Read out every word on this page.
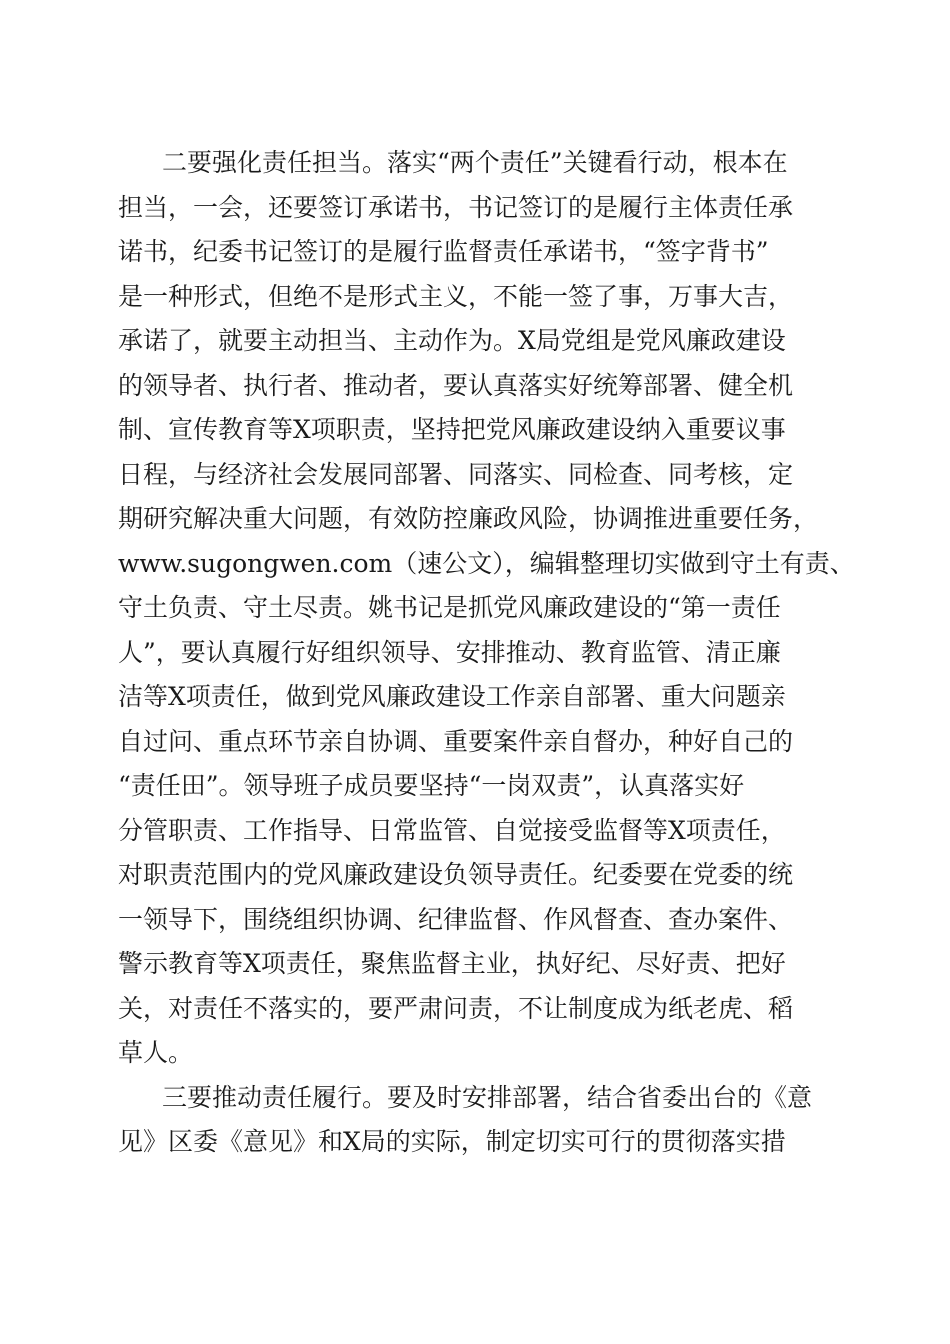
二要强化责任担当。落实“两个责任”关键看行动，根本在
担当，一会，还要签订承诺书，书记签订的是履行主体责任承
诺书，纪委书记签订的是履行监督责任承诺书，“签字背书”
是一种形式，但绝不是形式主义，不能一签了事，万事大吉，
承诺了，就要主动担当、主动作为。X局党组是党风廉政建设
的领导者、执行者、推动者，要认真落实好统筹部署、健全机
制、宣传教育等X项职责，坚持把党风廉政建设纳入重要议事
日程，与经济社会发展同部署、同落实、同检查、同考核，定
期研究解决重大问题，有效防控廉政风险，协调推进重要任务，
www.sugongwen.com（速公文），编辑整理切实做到守土有责、
守土负责、守土尽责。姚书记是抓党风廉政建设的“第一责任
人”，要认真履行好组织领导、安排推动、教育监管、清正廉
洁等X项责任，做到党风廉政建设工作亲自部署、重大问题亲
自过问、重点环节亲自协调、重要案件亲自督办，种好自己的
“责任田”。领导班子成员要坚持“一岗双责”，认真落实好
分管职责、工作指导、日常监管、自觉接受监督等X项责任，
对职责范围内的党风廉政建设负领导责任。纪委要在党委的统
一领导下，围绕组织协调、纪律监督、作风督查、查办案件、
警示教育等X项责任，聚焦监督主业，执好纪、尽好责、把好
关，对责任不落实的，要严肃问责，不让制度成为纸老虎、稻
草人。
三要推动责任履行。要及时安排部署，结合省委出台的《意
见》区委《意见》和X局的实际，制定切实可行的贯彻落实措
